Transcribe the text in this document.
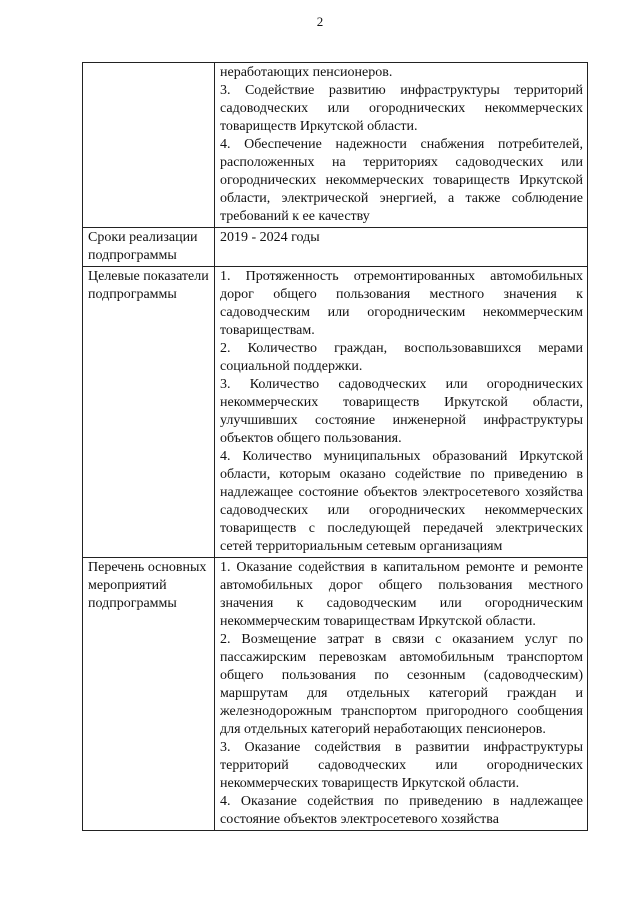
2

	неработающих пенсионеров.

3. Содействие развитию инфраструктуры территорий садоводческих или огороднических некоммерческих товариществ Иркутской области.

4. Обеспечение надежности снабжения потребителей, расположенных на территориях садоводческих или огороднических некоммерческих товариществ Иркутской области, электрической энергией, а также соблюдение требований к ее качеству

Сроки реализации подпрограммы	2019 - 2024 годы

Целевые показатели подпрограммы	1. Протяженность отремонтированных автомобильных дорог общего пользования местного значения к садоводческим или огородническим некоммерческим товариществам.

2. Количество граждан, воспользовавшихся мерами социальной поддержки.

3. Количество садоводческих или огороднических некоммерческих товариществ Иркутской области, улучшивших состояние инженерной инфраструктуры объектов общего пользования.

4. Количество муниципальных образований Иркутской области, которым оказано содействие по приведению в надлежащее состояние объектов электросетевого хозяйства садоводческих или огороднических некоммерческих товариществ с последующей передачей электрических сетей территориальным сетевым организациям

Перечень основных мероприятий подпрограммы	1. Оказание содействия в капитальном ремонте и ремонте автомобильных дорог общего пользования местного значения к садоводческим или огородническим некоммерческим товариществам Иркутской области.

2. Возмещение затрат в связи с оказанием услуг по пассажирским перевозкам автомобильным транспортом общего пользования по сезонным (садоводческим) маршрутам для отдельных категорий граждан и железнодорожным транспортом пригородного сообщения для отдельных категорий неработающих пенсионеров.

3. Оказание содействия в развитии инфраструктуры территорий садоводческих или огороднических некоммерческих товариществ Иркутской области.

4. Оказание содействия по приведению в надлежащее состояние объектов электросетевого хозяйства
